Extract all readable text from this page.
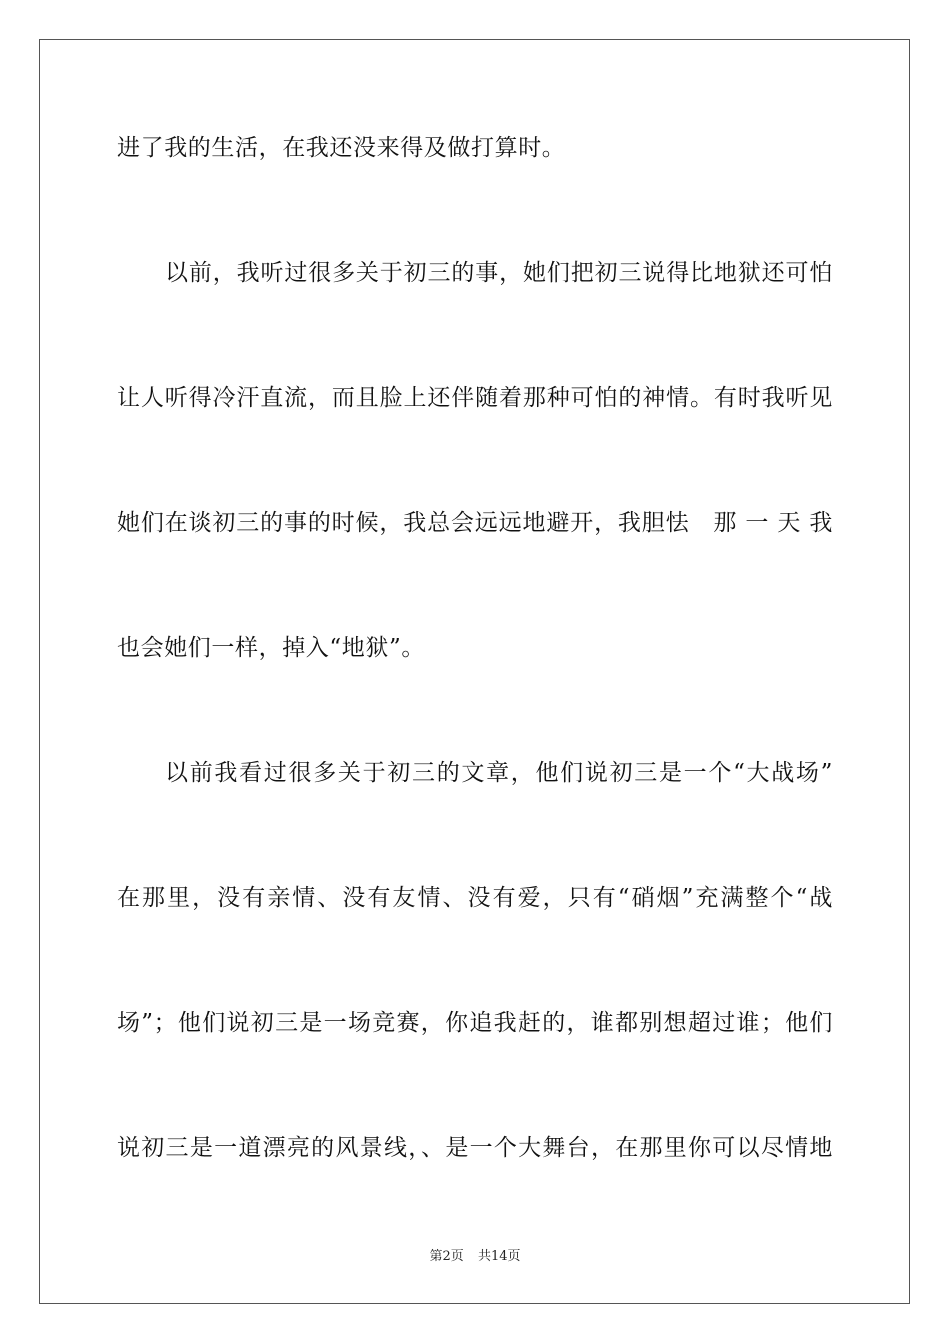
进了我的生活，在我还没来得及做打算时。
以前，我听过很多关于初三的事，她们把初三说得比地狱还可怕
让人听得冷汗直流，而且脸上还伴随着那种可怕的神情。有时我听见
她们在谈初三的事的时候，我总会远远地避开，我胆怯　那 一 天 我
也会她们一样，掉入“地狱”。
以前我看过很多关于初三的文章，他们说初三是一个“大战场”
在那里，没有亲情、没有友情、没有爱，只有“硝烟”充满整个“战
场”；他们说初三是一场竞赛，你追我赶的，谁都别想超过谁；他们
说初三是一道漂亮的风景线，、是一个大舞台，在那里你可以尽情地
第2页 共14页
